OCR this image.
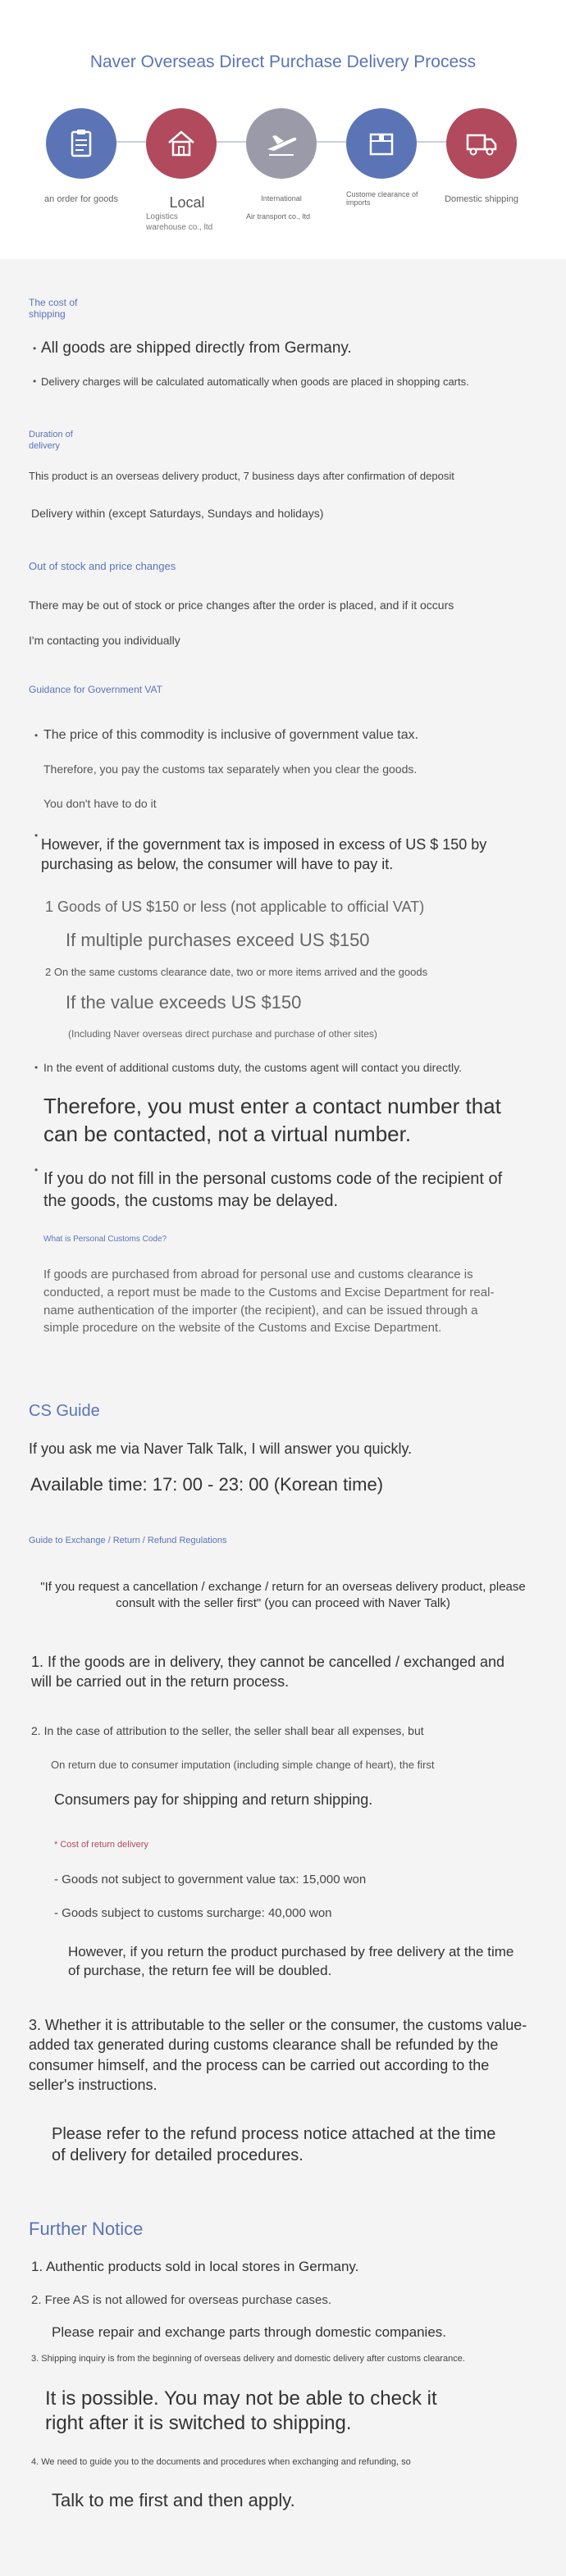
Naver Overseas Direct Purchase Delivery Process
an order for goods	Local
Logistics warehouse co., ltd
International
Air transport co., ltd
Custome clearance of imports	Domestic shipping
The cost of shipping
• All goods are shipped directly from Germany.
• Delivery charges will be calculated automatically when goods are placed in shopping carts.
Duration of delivery
This product is an overseas delivery product, 7 business days after confirmation of deposit
Delivery within (except Saturdays, Sundays and holidays)
Out of stock and price changes
There may be out of stock or price changes after the order is placed, and if it occurs
I'm contacting you individually
Guidance for Government VAT
• The price of this commodity is inclusive of government value tax.
Therefore, you pay the customs tax separately when you clear the goods.
You don't have to do it
•
However, if the government tax is imposed in excess of US $ 150 by purchasing as below, the consumer will have to pay it.
1 Goods of US $150 or less (not applicable to official VAT)
If multiple purchases exceed US $150
2 On the same customs clearance date, two or more items arrived and the goods
If the value exceeds US $150
(Including Naver overseas direct purchase and purchase of other sites)
• In the event of additional customs duty, the customs agent will contact you directly.
Therefore, you must enter a contact number that can be contacted, not a virtual number.
• If you do not fill in the personal customs code of the recipient of the goods, the customs may be delayed.
What is Personal Customs Code?
If goods are purchased from abroad for personal use and customs clearance is conducted, a report must be made to the Customs and Excise Department for real-name authentication of the importer (the recipient), and can be issued through a simple procedure on the website of the Customs and Excise Department.
CS Guide
If you ask me via Naver Talk Talk, I will answer you quickly.
Available time: 17: 00 - 23: 00 (Korean time)
Guide to Exchange / Return / Refund Regulations
"If you request a cancellation / exchange / return for an overseas delivery product, please consult with the seller first" (you can proceed with Naver Talk)
1. If the goods are in delivery, they cannot be cancelled / exchanged and will be carried out in the return process.
2. In the case of attribution to the seller, the seller shall bear all expenses, but
On return due to consumer imputation (including simple change of heart), the first
Consumers pay for shipping and return shipping.
* Cost of return delivery
- Goods not subject to government value tax: 15,000 won
- Goods subject to customs surcharge: 40,000 won
However, if you return the product purchased by free delivery at the time of purchase, the return fee will be doubled.
3. Whether it is attributable to the seller or the consumer, the customs value-added tax generated during customs clearance shall be refunded by the consumer himself, and the process can be carried out according to the seller's instructions.
Please refer to the refund process notice attached at the time of delivery for detailed procedures.
Further Notice
1. Authentic products sold in local stores in Germany.
2. Free AS is not allowed for overseas purchase cases.
Please repair and exchange parts through domestic companies.
3. Shipping inquiry is from the beginning of overseas delivery and domestic delivery after customs clearance.
It is possible. You may not be able to check it right after it is switched to shipping.
4. We need to guide you to the documents and procedures when exchanging and refunding, so
Talk to me first and then apply.
